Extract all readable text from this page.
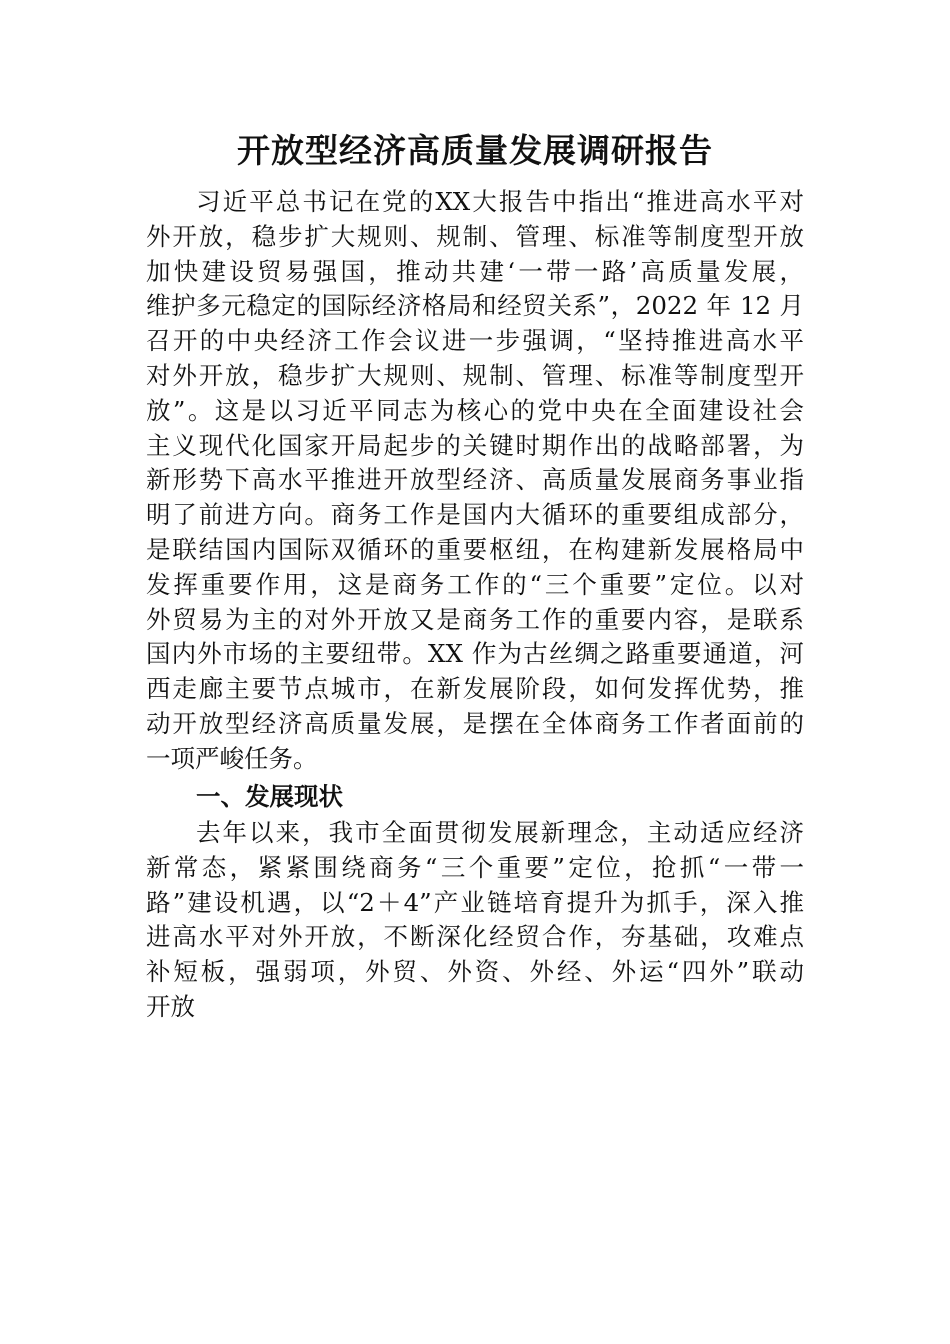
开放型经济高质量发展调研报告
习近平总书记在党的XX大报告中指出“推进高水平对
外开放，稳步扩大规则、规制、管理、标准等制度型开放
加快建设贸易强国，推动共建‘一带一路’高质量发展，
维护多元稳定的国际经济格局和经贸关系”，2022 年 12 月
召开的中央经济工作会议进一步强调，“坚持推进高水平
对外开放，稳步扩大规则、规制、管理、标准等制度型开
放”。这是以习近平同志为核心的党中央在全面建设社会
主义现代化国家开局起步的关键时期作出的战略部署，为
新形势下高水平推进开放型经济、高质量发展商务事业指
明了前进方向。商务工作是国内大循环的重要组成部分，
是联结国内国际双循环的重要枢纽，在构建新发展格局中
发挥重要作用，这是商务工作的“三个重要”定位。以对
外贸易为主的对外开放又是商务工作的重要内容，是联系
国内外市场的主要纽带。XX 作为古丝绸之路重要通道，河
西走廊主要节点城市，在新发展阶段，如何发挥优势，推
动开放型经济高质量发展，是摆在全体商务工作者面前的
一项严峻任务。
一、发展现状
去年以来，我市全面贯彻发展新理念，主动适应经济
新常态，紧紧围绕商务“三个重要”定位，抢抓“一带一
路”建设机遇，以“2＋4”产业链培育提升为抓手，深入推
进高水平对外开放，不断深化经贸合作，夯基础，攻难点
补短板，强弱项，外贸、外资、外经、外运“四外”联动
开放
